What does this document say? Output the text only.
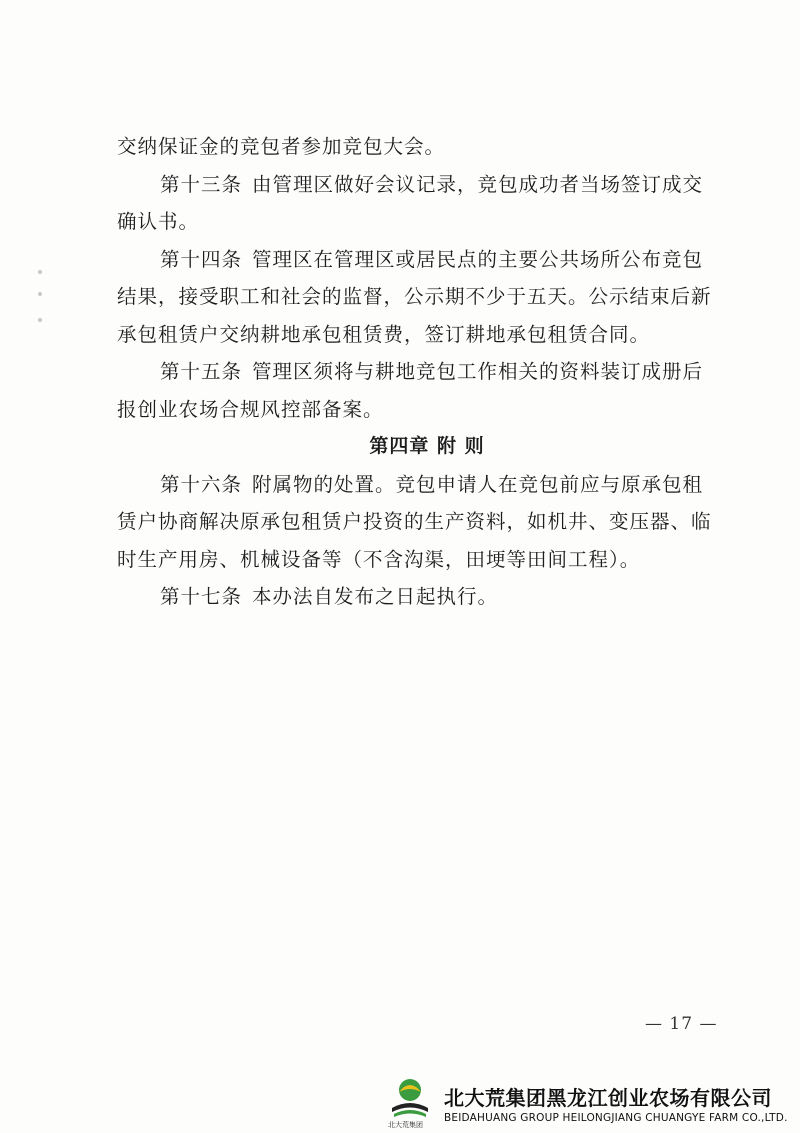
交纳保证金的竞包者参加竞包大会。

第十三条 由管理区做好会议记录，竞包成功者当场签订成交确认书。

第十四条 管理区在管理区或居民点的主要公共场所公布竞包结果，接受职工和社会的监督，公示期不少于五天。公示结束后新承包租赁户交纳耕地承包租赁费，签订耕地承包租赁合同。

第十五条 管理区须将与耕地竞包工作相关的资料装订成册后报创业农场合规风控部备案。

第四章 附 则

第十六条 附属物的处置。竞包申请人在竞包前应与原承包租赁户协商解决原承包租赁户投资的生产资料，如机井、变压器、临时生产用房、机械设备等（不含沟渠，田埂等田间工程）。

第十七条 本办法自发布之日起执行。

— 17 —
北大荒集团
北大荒集团黑龙江创业农场有限公司
BEIDAHUANG GROUP HEILONGJIANG CHUANGYE FARM CO.,LTD.
